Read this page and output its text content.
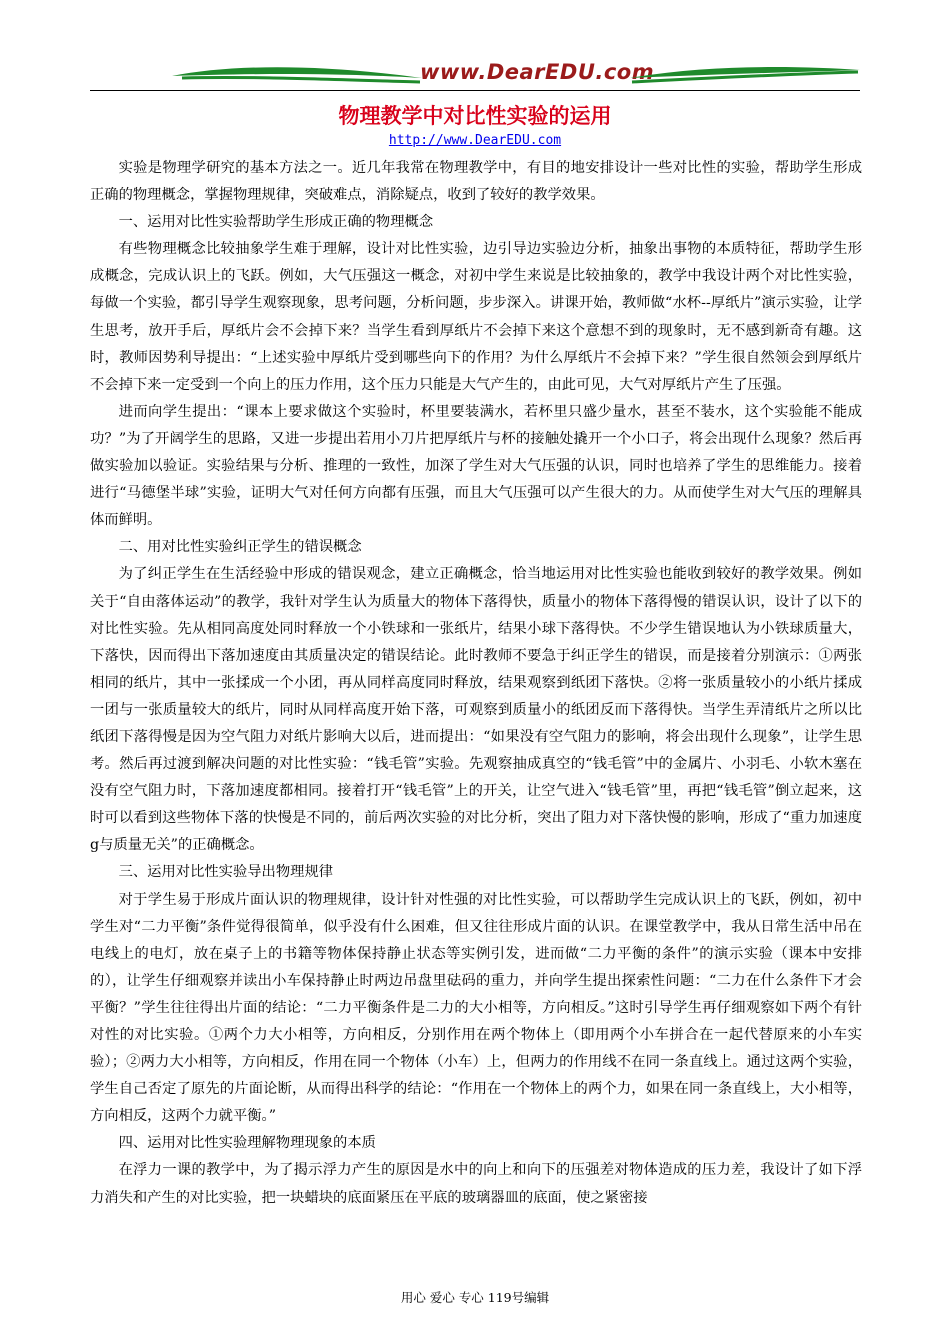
www.DearEDU.com
物理教学中对比性实验的运用
http://www.DearEDU.com

实验是物理学研究的基本方法之一。近几年我常在物理教学中，有目的地安排设计一些对比性的实验，帮助学生形成正确的物理概念，掌握物理规律，突破难点，消除疑点，收到了较好的教学效果。

一、运用对比性实验帮助学生形成正确的物理概念

有些物理概念比较抽象学生难于理解，设计对比性实验，边引导边实验边分析，抽象出事物的本质特征，帮助学生形成概念，完成认识上的飞跃。例如，大气压强这一概念，对初中学生来说是比较抽象的，教学中我设计两个对比性实验，每做一个实验，都引导学生观察现象，思考问题，分析问题，步步深入。讲课开始，教师做“水杯--厚纸片”演示实验，让学生思考，放开手后，厚纸片会不会掉下来？当学生看到厚纸片不会掉下来这个意想不到的现象时，无不感到新奇有趣。这时，教师因势利导提出：“上述实验中厚纸片受到哪些向下的作用？为什么厚纸片不会掉下来？”学生很自然领会到厚纸片不会掉下来一定受到一个向上的压力作用，这个压力只能是大气产生的，由此可见，大气对厚纸片产生了压强。

进而向学生提出：“课本上要求做这个实验时，杯里要装满水，若杯里只盛少量水，甚至不装水，这个实验能不能成功？”为了开阔学生的思路，又进一步提出若用小刀片把厚纸片与杯的接触处撬开一个小口子，将会出现什么现象？然后再做实验加以验证。实验结果与分析、推理的一致性，加深了学生对大气压强的认识，同时也培养了学生的思维能力。接着进行“马德堡半球”实验，证明大气对任何方向都有压强，而且大气压强可以产生很大的力。从而使学生对大气压的理解具体而鲜明。

二、用对比性实验纠正学生的错误概念

为了纠正学生在生活经验中形成的错误观念，建立正确概念，恰当地运用对比性实验也能收到较好的教学效果。例如关于“自由落体运动”的教学，我针对学生认为质量大的物体下落得快，质量小的物体下落得慢的错误认识，设计了以下的对比性实验。先从相同高度处同时释放一个小铁球和一张纸片，结果小球下落得快。不少学生错误地认为小铁球质量大，下落快，因而得出下落加速度由其质量决定的错误结论。此时教师不要急于纠正学生的错误，而是接着分别演示：①两张相同的纸片，其中一张揉成一个小团，再从同样高度同时释放，结果观察到纸团下落快。②将一张质量较小的小纸片揉成一团与一张质量较大的纸片，同时从同样高度开始下落，可观察到质量小的纸团反而下落得快。当学生弄清纸片之所以比纸团下落得慢是因为空气阻力对纸片影响大以后，进而提出：“如果没有空气阻力的影响，将会出现什么现象”，让学生思考。然后再过渡到解决问题的对比性实验：“钱毛管”实验。先观察抽成真空的“钱毛管”中的金属片、小羽毛、小软木塞在没有空气阻力时，下落加速度都相同。接着打开“钱毛管”上的开关，让空气进入“钱毛管”里，再把“钱毛管”倒立起来，这时可以看到这些物体下落的快慢是不同的，前后两次实验的对比分析，突出了阻力对下落快慢的影响，形成了“重力加速度g与质量无关”的正确概念。

三、运用对比性实验导出物理规律

对于学生易于形成片面认识的物理规律，设计针对性强的对比性实验，可以帮助学生完成认识上的飞跃，例如，初中学生对“二力平衡”条件觉得很简单，似乎没有什么困难，但又往往形成片面的认识。在课堂教学中，我从日常生活中吊在电线上的电灯，放在桌子上的书籍等物体保持静止状态等实例引发，进而做“二力平衡的条件”的演示实验（课本中安排的），让学生仔细观察并读出小车保持静止时两边吊盘里砝码的重力，并向学生提出探索性问题：“二力在什么条件下才会平衡？”学生往往得出片面的结论：“二力平衡条件是二力的大小相等，方向相反。”这时引导学生再仔细观察如下两个有针对性的对比实验。①两个力大小相等，方向相反，分别作用在两个物体上（即用两个小车拼合在一起代替原来的小车实验）；②两力大小相等，方向相反，作用在同一个物体（小车）上，但两力的作用线不在同一条直线上。通过这两个实验，学生自己否定了原先的片面论断，从而得出科学的结论：“作用在一个物体上的两个力，如果在同一条直线上，大小相等，方向相反，这两个力就平衡。”

四、运用对比性实验理解物理现象的本质

在浮力一课的教学中，为了揭示浮力产生的原因是水中的向上和向下的压强差对物体造成的压力差，我设计了如下浮力消失和产生的对比实验，把一块蜡块的底面紧压在平底的玻璃器皿的底面，使之紧密接

用心 爱心 专心 119号编辑
